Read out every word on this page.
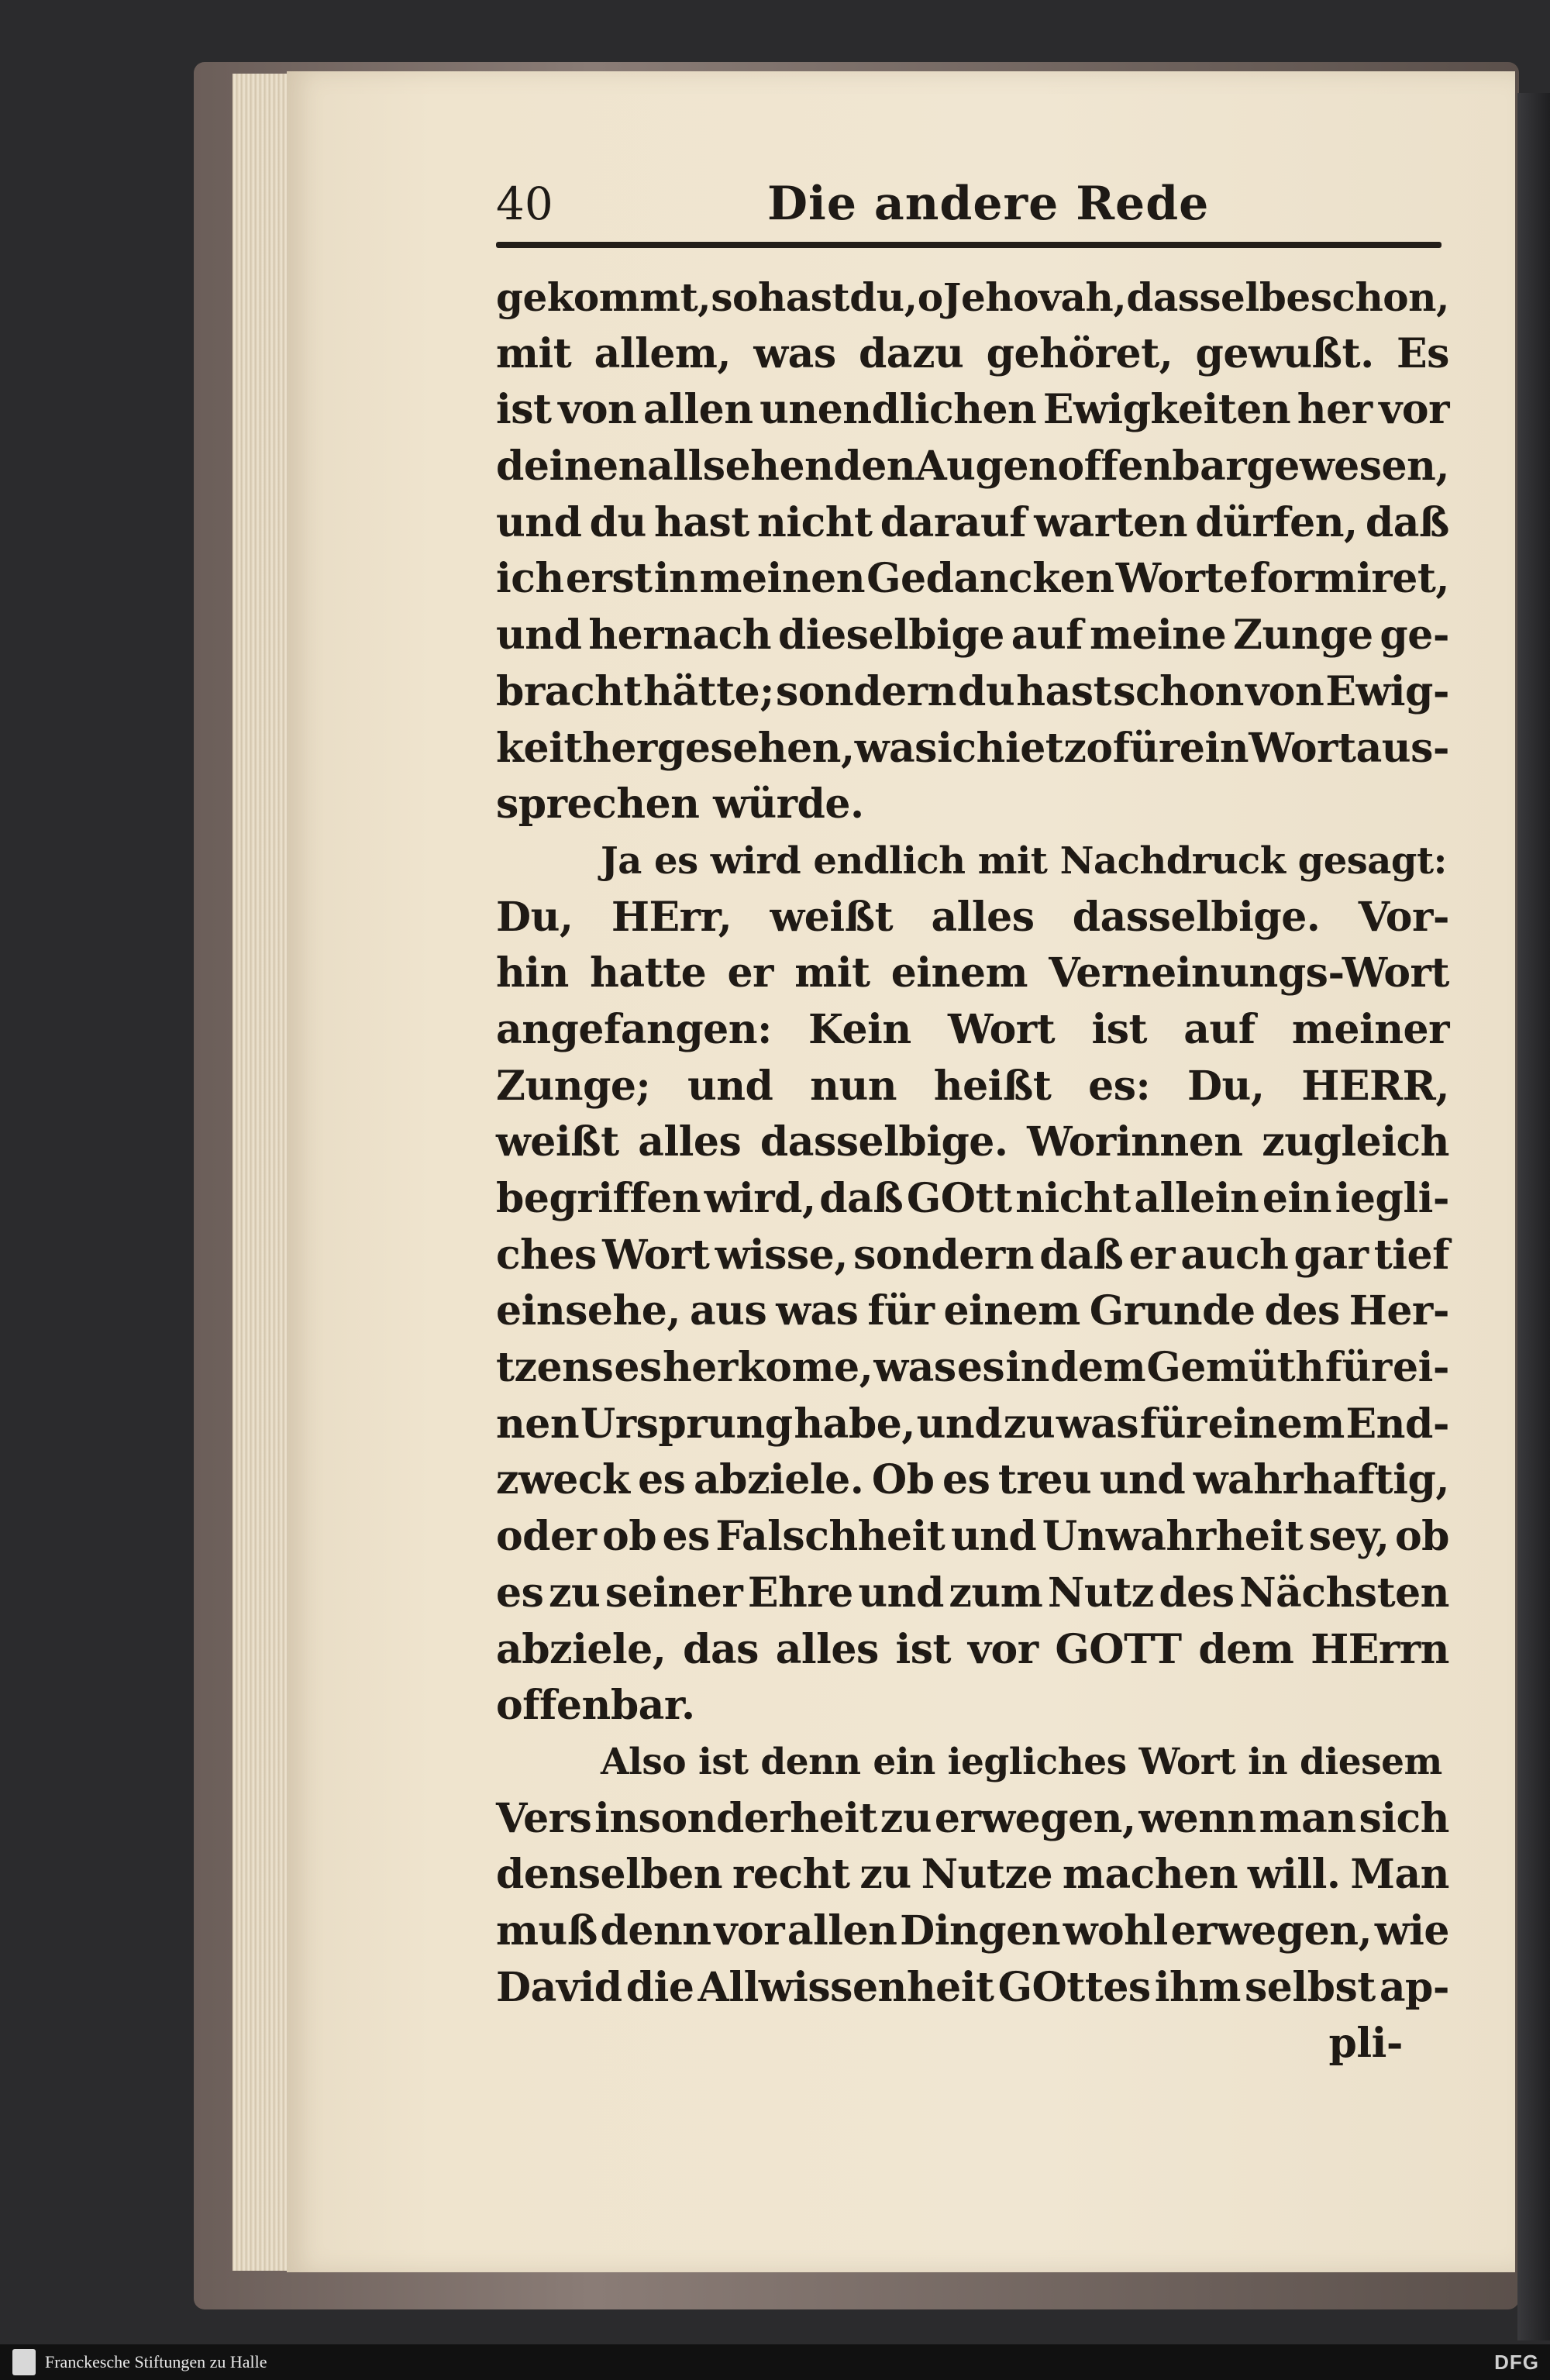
40	Die andere Rede
gekommt, so hast du, o Jehovah, dasselbe schon,
mit allem, was dazu gehöret, gewußt. Es
ist von allen unendlichen Ewigkeiten her vor
deinen allsehenden Augen offenbar gewesen,
und du hast nicht darauf warten dürfen, daß
ich erst in meinen Gedancken Worte formiret,
und hernach dieselbige auf meine Zunge ge-
bracht hätte; sondern du hast schon von Ewig-
keit her gesehen, was ich ietzo für ein Wort aus-
sprechen würde.
Ja es wird endlich mit Nachdruck gesagt:
Du, HErr, weißt alles dasselbige. Vor-
hin hatte er mit einem Verneinungs-Wort
angefangen: Kein Wort ist auf meiner
Zunge; und nun heißt es: Du, HERR,
weißt alles dasselbige. Worinnen zugleich
begriffen wird, daß GOtt nicht allein ein iegli-
ches Wort wisse, sondern daß er auch gar tief
einsehe, aus was für einem Grunde des Her-
tzens es herkome, was es in dem Gemüth für ei-
nen Ursprung habe, und zu was für einem End-
zweck es abziele. Ob es treu und wahrhaftig,
oder ob es Falschheit und Unwahrheit sey, ob
es zu seiner Ehre und zum Nutz des Nächsten
abziele, das alles ist vor GOTT dem HErrn
offenbar.
Also ist denn ein iegliches Wort in diesem
Vers insonderheit zu erwegen, wenn man sich
denselben recht zu Nutze machen will. Man
muß denn vor allen Dingen wohl erwegen, wie
David die Allwissenheit GOttes ihm selbst ap-
pli-
Franckesche Stiftungen zu Halle	DFG
